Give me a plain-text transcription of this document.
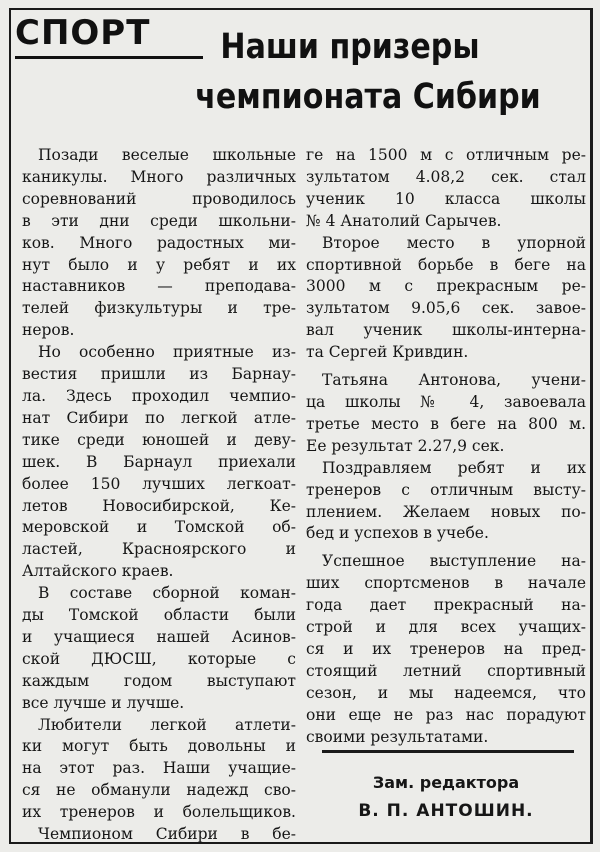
СПОРТ	Наши призеры
чемпионата Сибири
Позади веселые школьные
каникулы. Много различных
соревнований проводилось
в эти дни среди школьни-
ков. Много радостных ми-
нут было и у ребят и их
наставников — преподава-
телей физкультуры и тре-
неров.
Но особенно приятные из-
вестия пришли из Барнау-
ла. Здесь проходил чемпио-
нат Сибири по легкой атле-
тике среди юношей и деву-
шек. В Барнаул приехали
более 150 лучших легкоат-
летов Новосибирской, Ке-
меровской и Томской об-
ластей, Красноярского и
Алтайского краев.
В составе сборной коман-
ды Томской области были
и учащиеся нашей Асинов-
ской ДЮСШ, которые с
каждым годом выступают
все лучше и лучше.
Любители легкой атлети-
ки могут быть довольны и
на этот раз. Наши учащие-
ся не обманули надежд сво-
их тренеров и болельщиков.
Чемпионом Сибири в бе-
ге на 1500 м с отличным ре-
зультатом 4.08,2 сек. стал
ученик 10 класса школы
№ 4 Анатолий Сарычев.
Второе место в упорной
спортивной борьбе в беге на
3000 м с прекрасным ре-
зультатом 9.05,6 сек. завое-
вал ученик школы-интерна-
та Сергей Кривдин.
Татьяна Антонова, учени-
ца школы № 4, завоевала
третье место в беге на 800 м.
Ее результат 2.27,9 сек.
Поздравляем ребят и их
тренеров с отличным высту-
плением. Желаем новых по-
бед и успехов в учебе.
Успешное выступление на-
ших спортсменов в начале
года дает прекрасный на-
строй и для всех учащих-
ся и их тренеров на пред-
стоящий летний спортивный
сезон, и мы надеемся, что
они еще не раз нас порадуют
своими результатами.
Зам. редактора
В. П. АНТОШИН.
